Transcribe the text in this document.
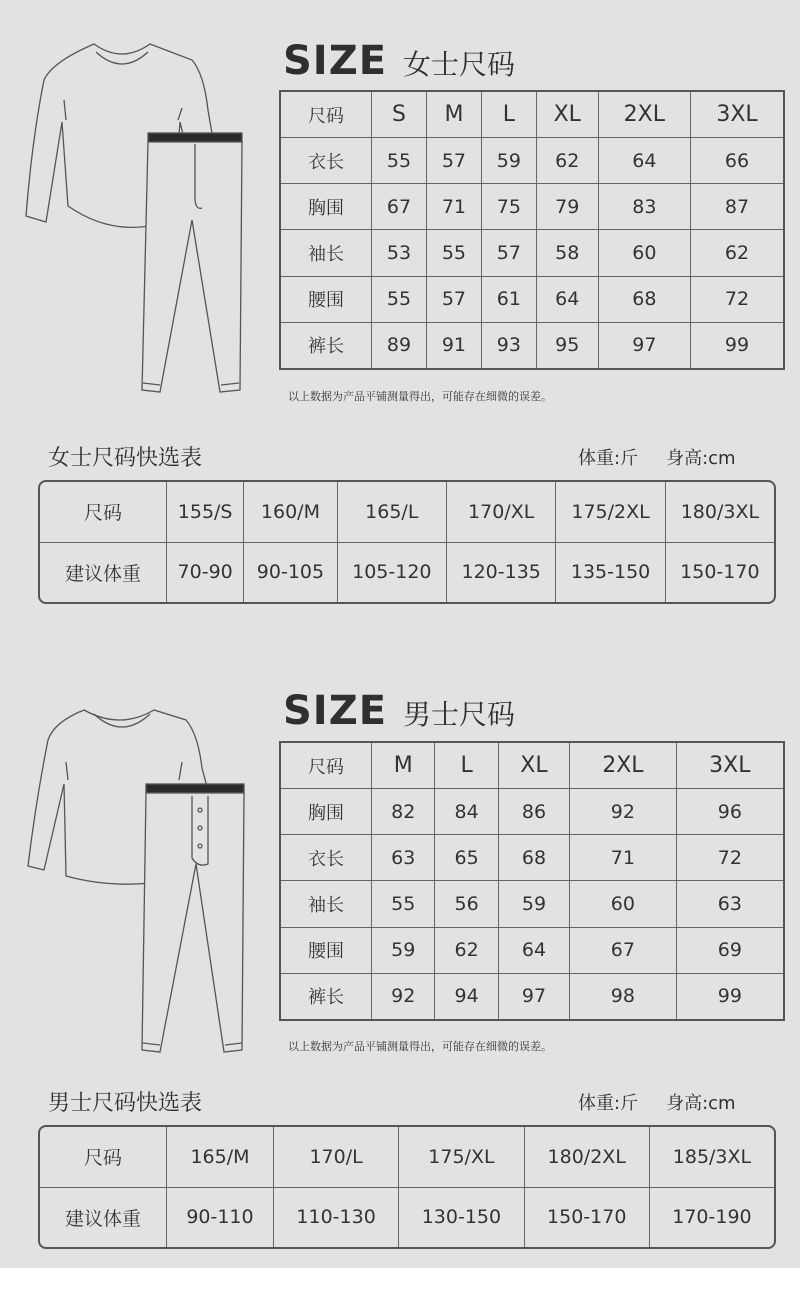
SIZE 女士尺码
尺码	S	M	L	XL	2XL	3XL
衣长	55	57	59	62	64	66
胸围	67	71	75	79	83	87
袖长	53	55	57	58	60	62
腰围	55	57	61	64	68	72
裤长	89	91	93	95	97	99
以上数据为产品平铺测量得出，可能存在细微的误差。
女士尺码快选表	体重:斤 身高:cm
尺码	155/S	160/M	165/L	170/XL	175/2XL	180/3XL
建议体重	70-90	90-105	105-120	120-135	135-150	150-170
SIZE 男士尺码
尺码	M	L	XL	2XL	3XL
胸围	82	84	86	92	96
衣长	63	65	68	71	72
袖长	55	56	59	60	63
腰围	59	62	64	67	69
裤长	92	94	97	98	99
以上数据为产品平铺测量得出，可能存在细微的误差。
男士尺码快选表	体重:斤 身高:cm
尺码	165/M	170/L	175/XL	180/2XL	185/3XL
建议体重	90-110	110-130	130-150	150-170	170-190
